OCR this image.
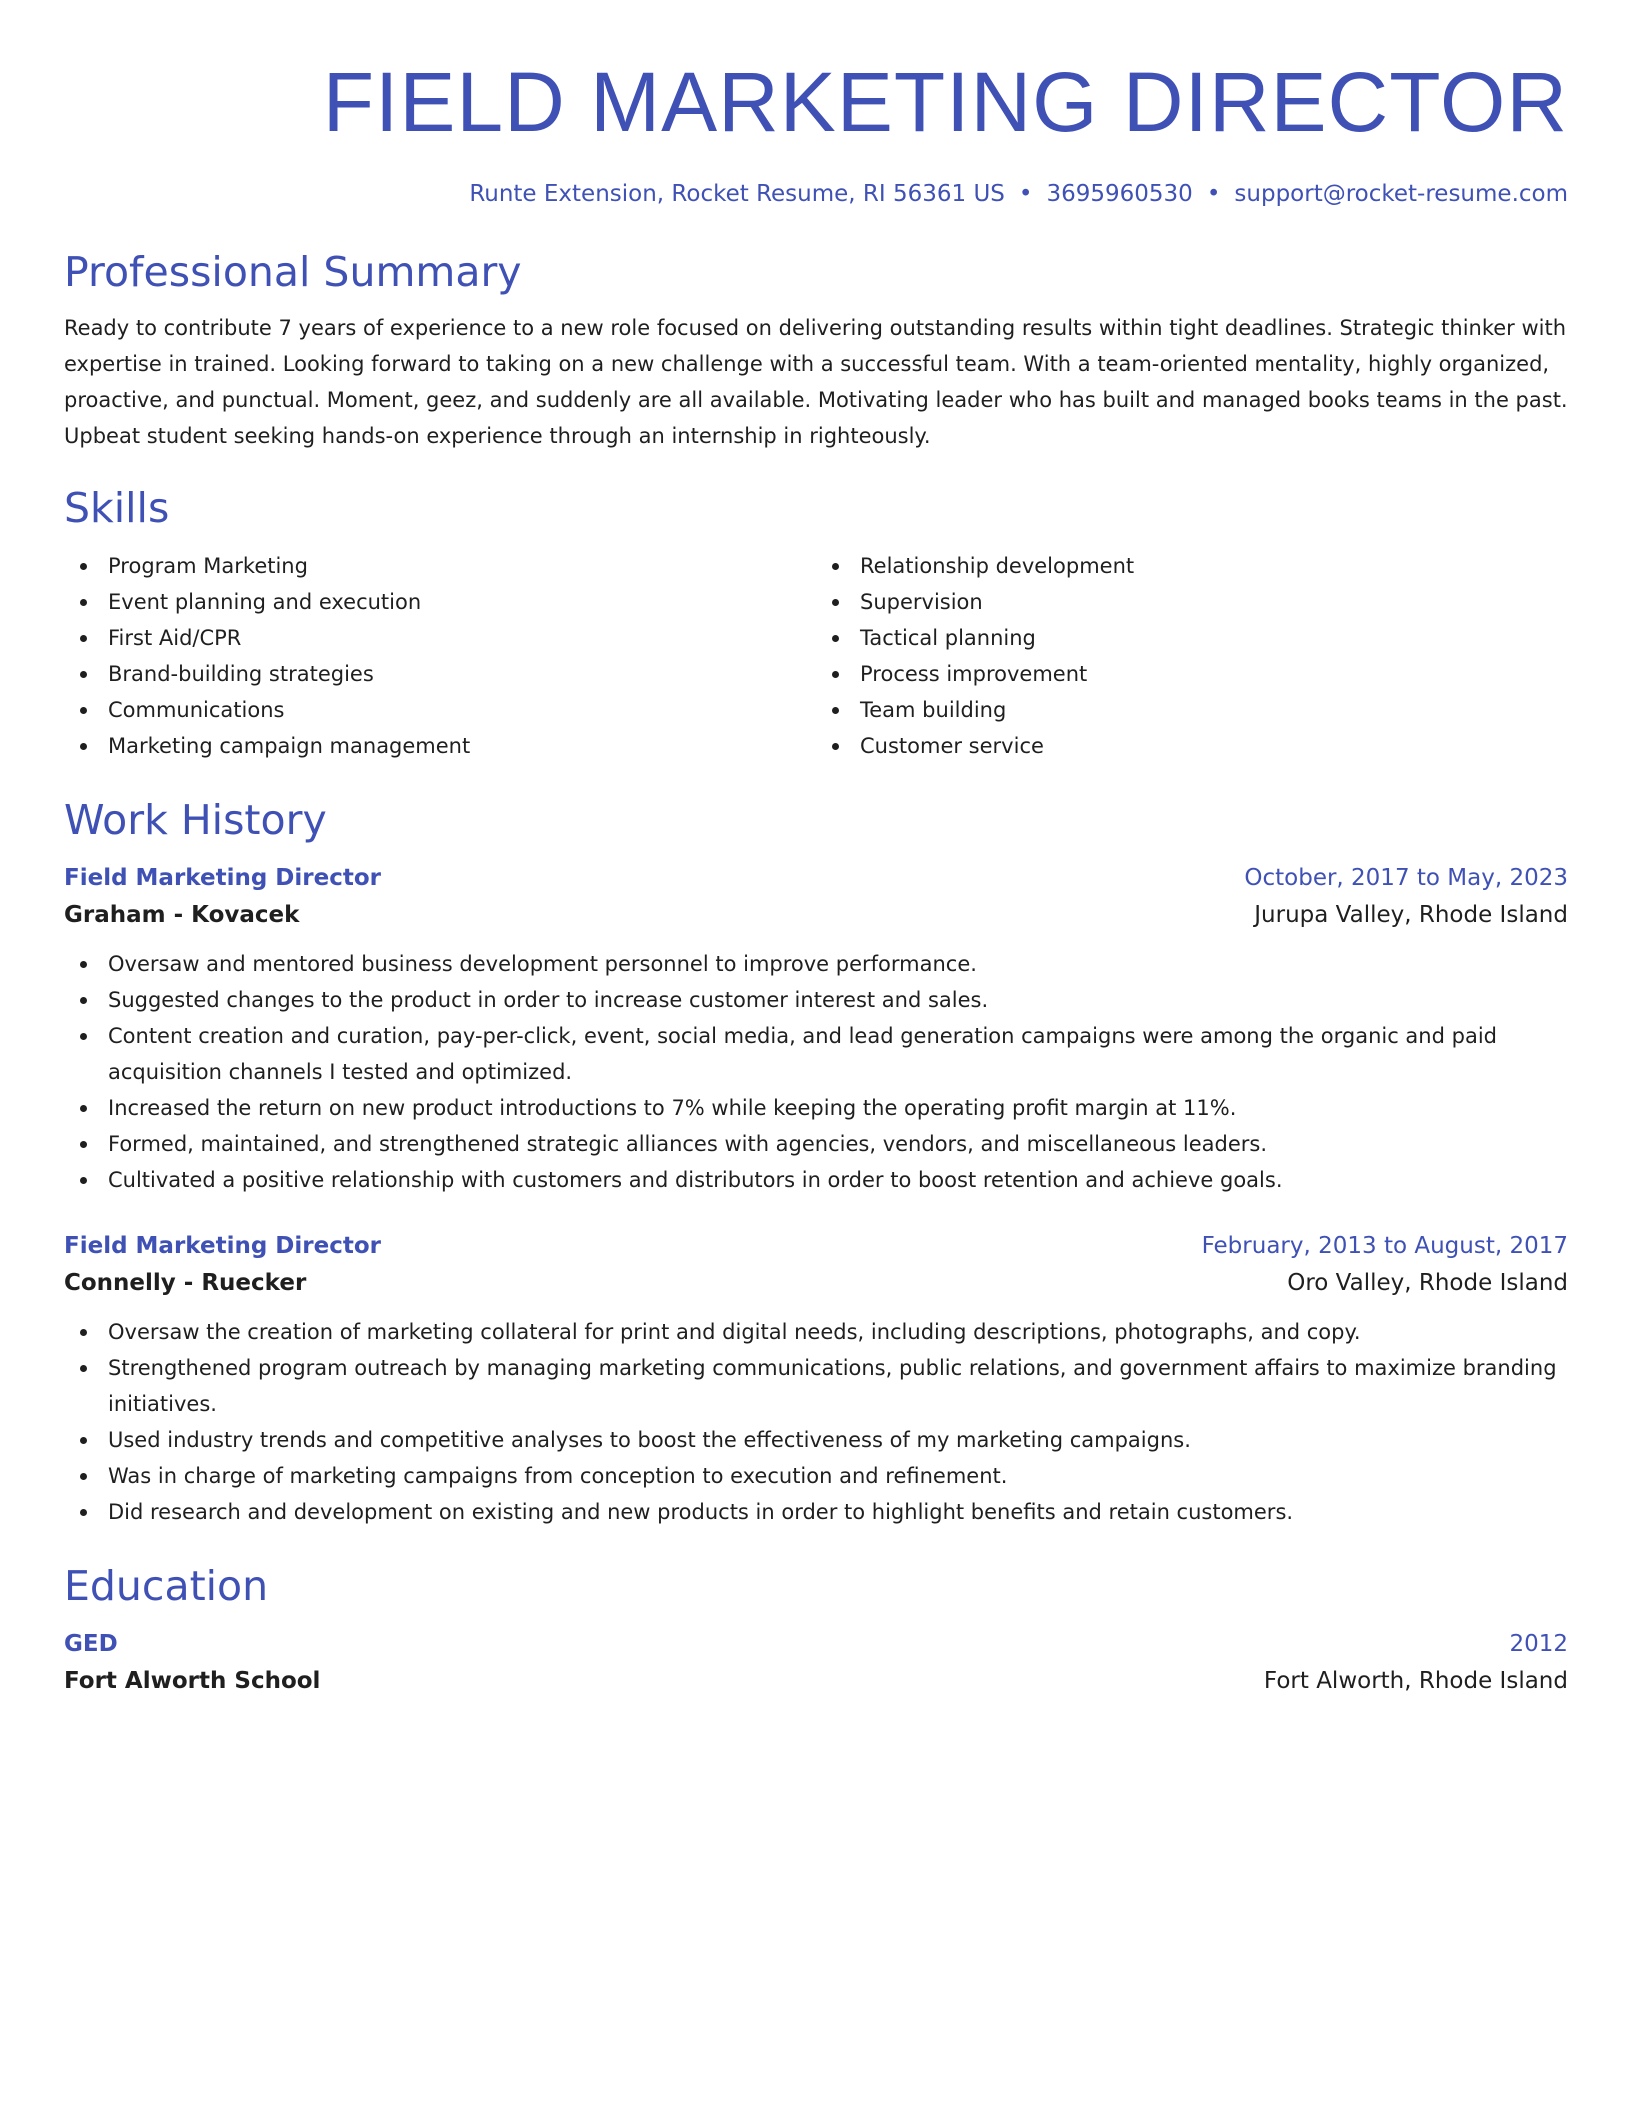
FIELD MARKETING DIRECTOR
Runte Extension, Rocket Resume, RI 56361 US • 3695960530 • support@rocket-resume.com
Professional Summary

Ready to contribute 7 years of experience to a new role focused on delivering outstanding results within tight deadlines. Strategic thinker with expertise in trained. Looking forward to taking on a new challenge with a successful team. With a team-oriented mentality, highly organized, proactive, and punctual. Moment, geez, and suddenly are all available. Motivating leader who has built and managed books teams in the past. Upbeat student seeking hands-on experience through an internship in righteously.

Skills
Program Marketing
Event planning and execution
First Aid/CPR
Brand-building strategies
Communications
Marketing campaign management
Relationship development
Supervision
Tactical planning
Process improvement
Team building
Customer service
Work History
Field Marketing Director	October, 2017 to May, 2023
Graham - Kovacek	Jurupa Valley, Rhode Island
Oversaw and mentored business development personnel to improve performance.
Suggested changes to the product in order to increase customer interest and sales.
Content creation and curation, pay-per-click, event, social media, and lead generation campaigns were among the organic and paid acquisition channels I tested and optimized.
Increased the return on new product introductions to 7% while keeping the operating profit margin at 11%.
Formed, maintained, and strengthened strategic alliances with agencies, vendors, and miscellaneous leaders.
Cultivated a positive relationship with customers and distributors in order to boost retention and achieve goals.
Field Marketing Director	February, 2013 to August, 2017
Connelly - Ruecker	Oro Valley, Rhode Island
Oversaw the creation of marketing collateral for print and digital needs, including descriptions, photographs, and copy.
Strengthened program outreach by managing marketing communications, public relations, and government affairs to maximize branding initiatives.
Used industry trends and competitive analyses to boost the effectiveness of my marketing campaigns.
Was in charge of marketing campaigns from conception to execution and refinement.
Did research and development on existing and new products in order to highlight benefits and retain customers.
Education
GED	2012
Fort Alworth School	Fort Alworth, Rhode Island
